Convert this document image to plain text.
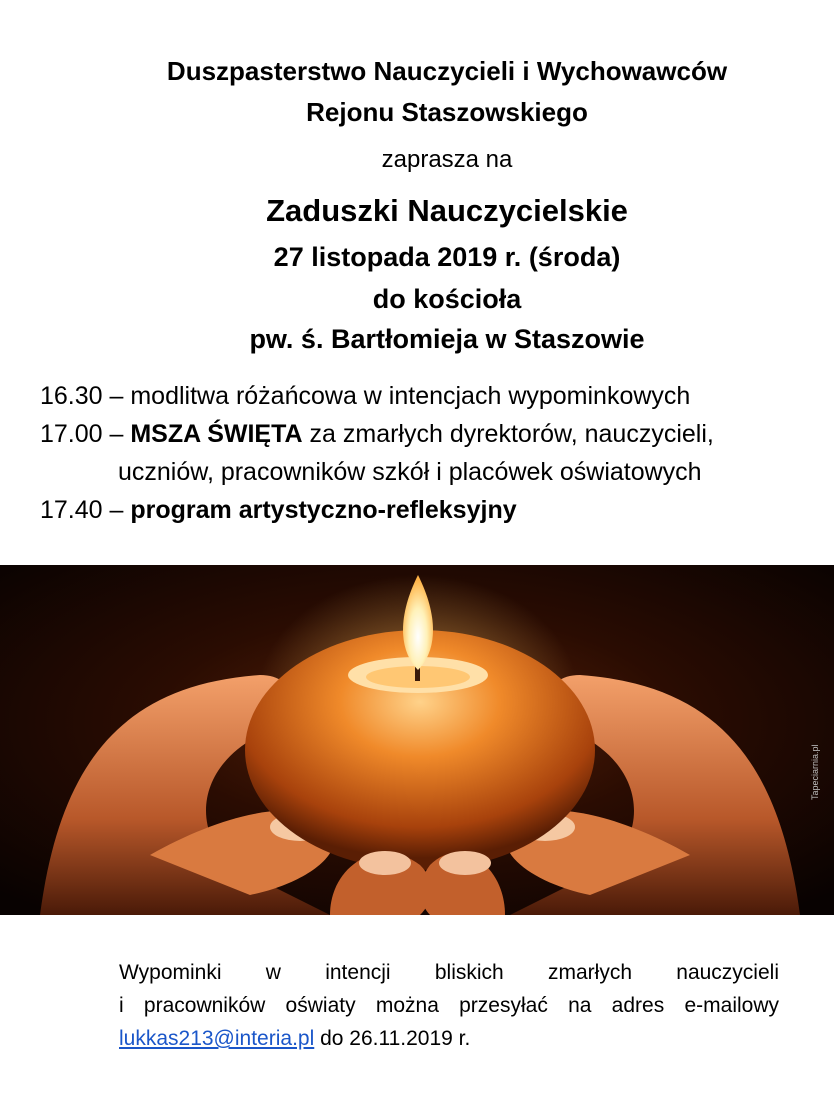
Duszpasterstwo Nauczycieli i Wychowawców
Rejonu Staszowskiego
zaprasza na
Zaduszki Nauczycielskie
27 listopada 2019 r. (środa)
do kościoła
pw. ś. Bartłomieja w Staszowie
16.30 – modlitwa różańcowa w intencjach wypominkowych
17.00 – MSZA ŚWIĘTA za zmarłych dyrektorów, nauczycieli,
uczniów, pracowników szkół i placówek oświatowych
17.40 – program artystyczno-refleksyjny
Tapeciarnia.pl
Wypominki w intencji bliskich zmarłych nauczycieli
i pracowników oświaty można przesyłać na adres e-mailowy
lukkas213@interia.pl do 26.11.2019 r.
